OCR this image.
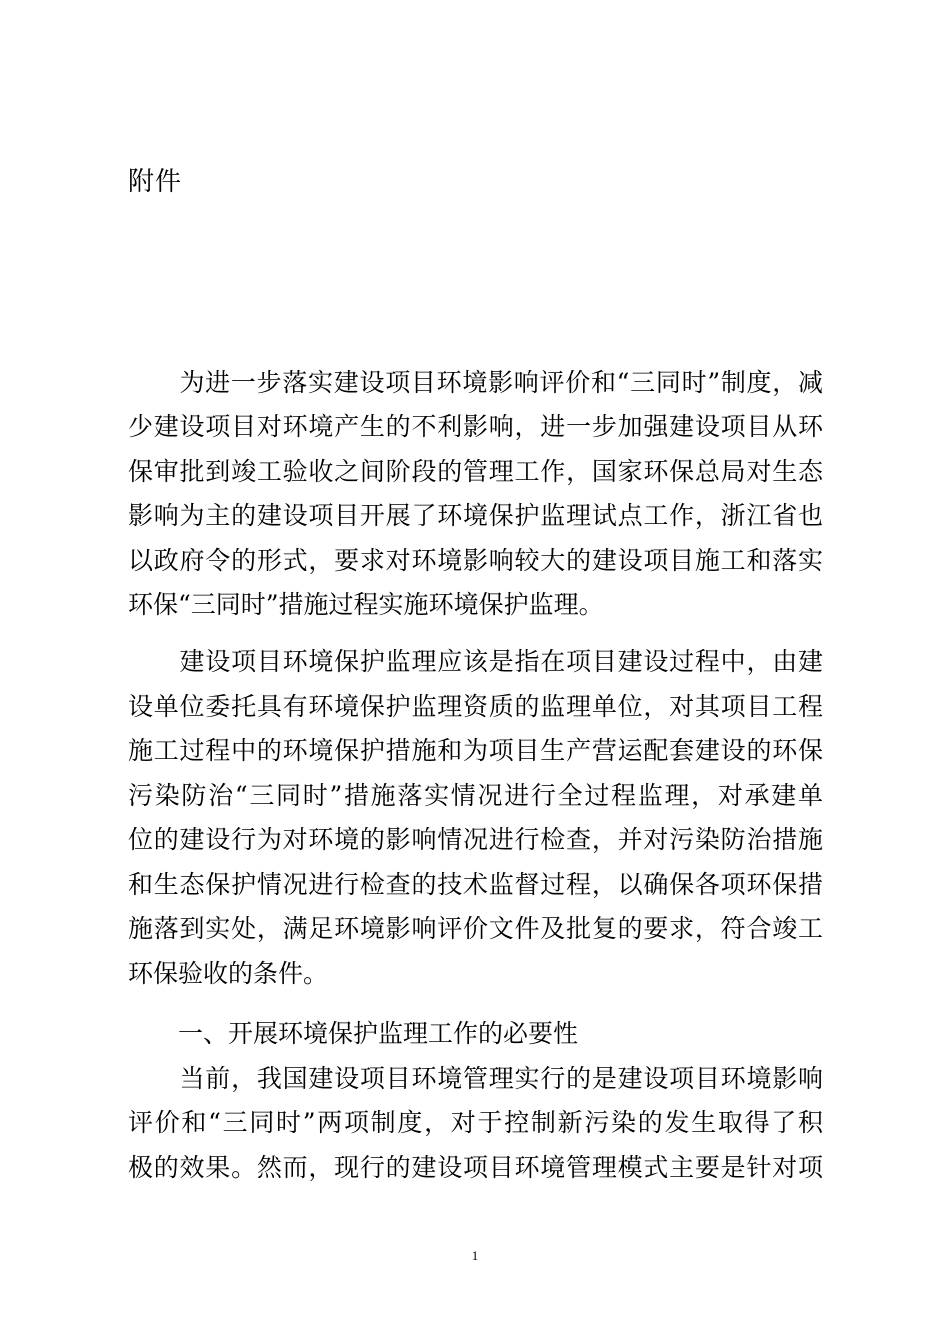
附件

　　为进一步落实建设项目环境影响评价和“三同时”制度，减

少建设项目对环境产生的不利影响，进一步加强建设项目从环

保审批到竣工验收之间阶段的管理工作，国家环保总局对生态

影响为主的建设项目开展了环境保护监理试点工作，浙江省也

以政府令的形式，要求对环境影响较大的建设项目施工和落实

环保“三同时”措施过程实施环境保护监理。

　　建设项目环境保护监理应该是指在项目建设过程中，由建

设单位委托具有环境保护监理资质的监理单位，对其项目工程

施工过程中的环境保护措施和为项目生产营运配套建设的环保

污染防治“三同时”措施落实情况进行全过程监理，对承建单

位的建设行为对环境的影响情况进行检查，并对污染防治措施

和生态保护情况进行检查的技术监督过程，以确保各项环保措

施落到实处，满足环境影响评价文件及批复的要求，符合竣工

环保验收的条件。

　　一、开展环境保护监理工作的必要性

　　当前，我国建设项目环境管理实行的是建设项目环境影响

评价和“三同时”两项制度，对于控制新污染的发生取得了积

极的效果。然而，现行的建设项目环境管理模式主要是针对项

1
